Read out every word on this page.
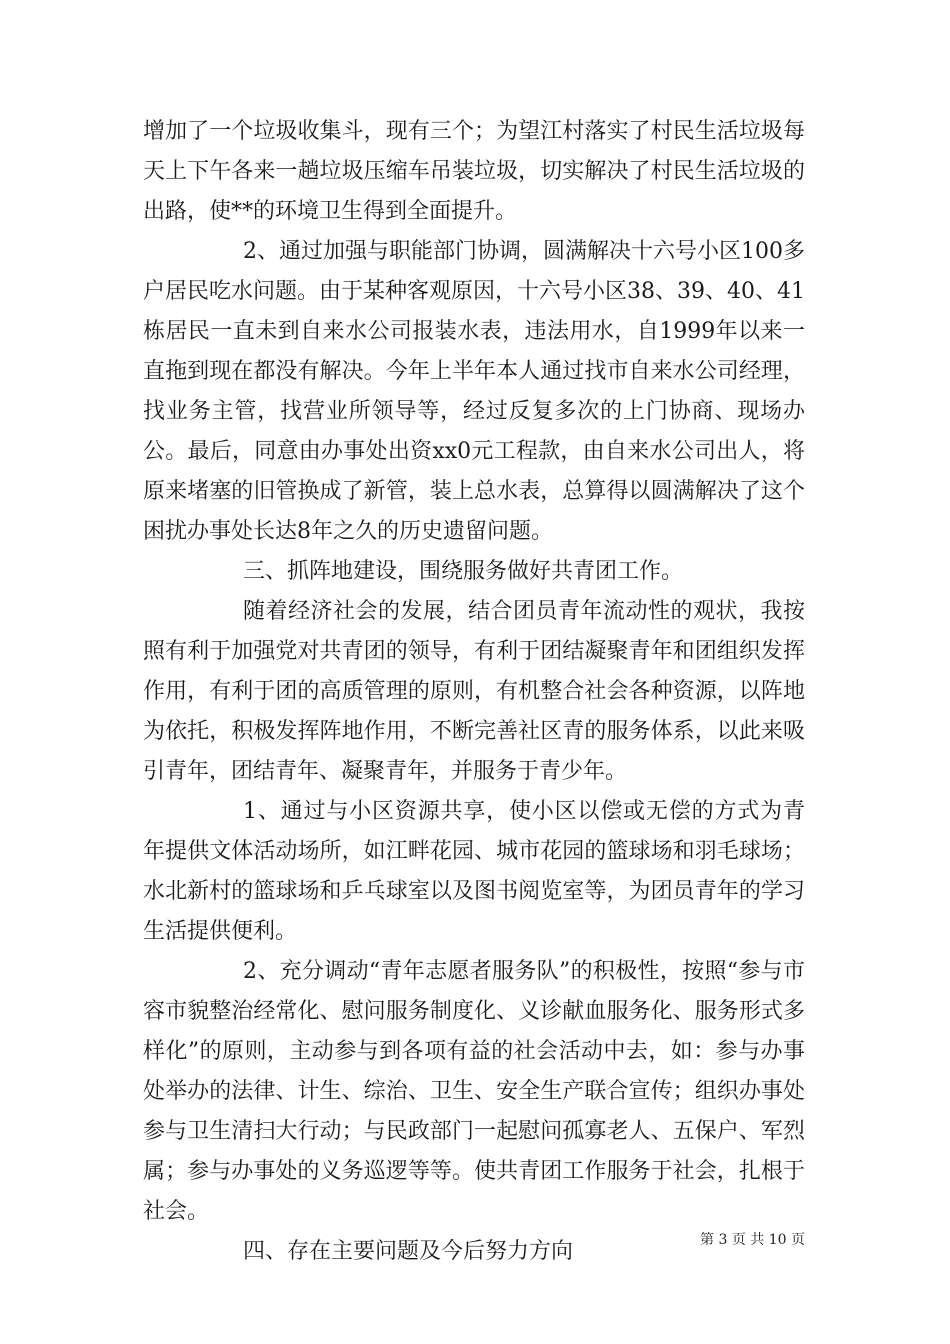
增加了一个垃圾收集斗，现有三个；为望江村落实了村民生活垃圾每天上下午各来一趟垃圾压缩车吊装垃圾，切实解决了村民生活垃圾的出路，使**的环境卫生得到全面提升。

2、通过加强与职能部门协调，圆满解决十六号小区100多户居民吃水问题。由于某种客观原因，十六号小区38、39、40、41栋居民一直未到自来水公司报装水表，违法用水，自1999年以来一直拖到现在都没有解决。今年上半年本人通过找市自来水公司经理，找业务主管，找营业所领导等，经过反复多次的上门协商、现场办公。最后，同意由办事处出资xx0元工程款，由自来水公司出人，将原来堵塞的旧管换成了新管，装上总水表，总算得以圆满解决了这个困扰办事处长达8年之久的历史遗留问题。

三、抓阵地建设，围绕服务做好共青团工作。

随着经济社会的发展，结合团员青年流动性的观状，我按照有利于加强党对共青团的领导，有利于团结凝聚青年和团组织发挥作用，有利于团的高质管理的原则，有机整合社会各种资源，以阵地为依托，积极发挥阵地作用，不断完善社区青的服务体系，以此来吸引青年，团结青年、凝聚青年，并服务于青少年。

1、通过与小区资源共享，使小区以偿或无偿的方式为青年提供文体活动场所，如江畔花园、城市花园的篮球场和羽毛球场；水北新村的篮球场和乒乓球室以及图书阅览室等，为团员青年的学习生活提供便利。

2、充分调动“青年志愿者服务队”的积极性，按照“参与市容市貌整治经常化、慰问服务制度化、义诊献血服务化、服务形式多样化”的原则，主动参与到各项有益的社会活动中去，如：参与办事处举办的法律、计生、综治、卫生、安全生产联合宣传；组织办事处参与卫生清扫大行动；与民政部门一起慰问孤寡老人、五保户、军烈属；参与办事处的义务巡逻等等。使共青团工作服务于社会，扎根于社会。

四、存在主要问题及今后努力方向	第 3 页 共 10 页
